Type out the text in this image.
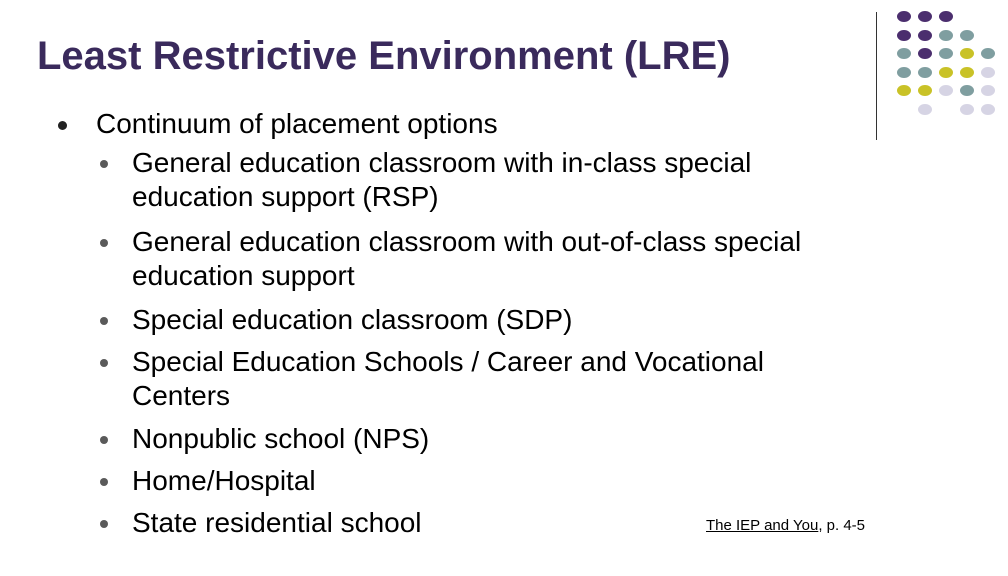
Least Restrictive Environment (LRE)
Continuum of placement options
General education classroom with in-class special
education support (RSP)
General education classroom with out-of-class special
education support
Special education classroom (SDP)
Special Education Schools / Career and Vocational
Centers
Nonpublic school (NPS)
Home/Hospital
State residential school	The IEP and You, p. 4-5
